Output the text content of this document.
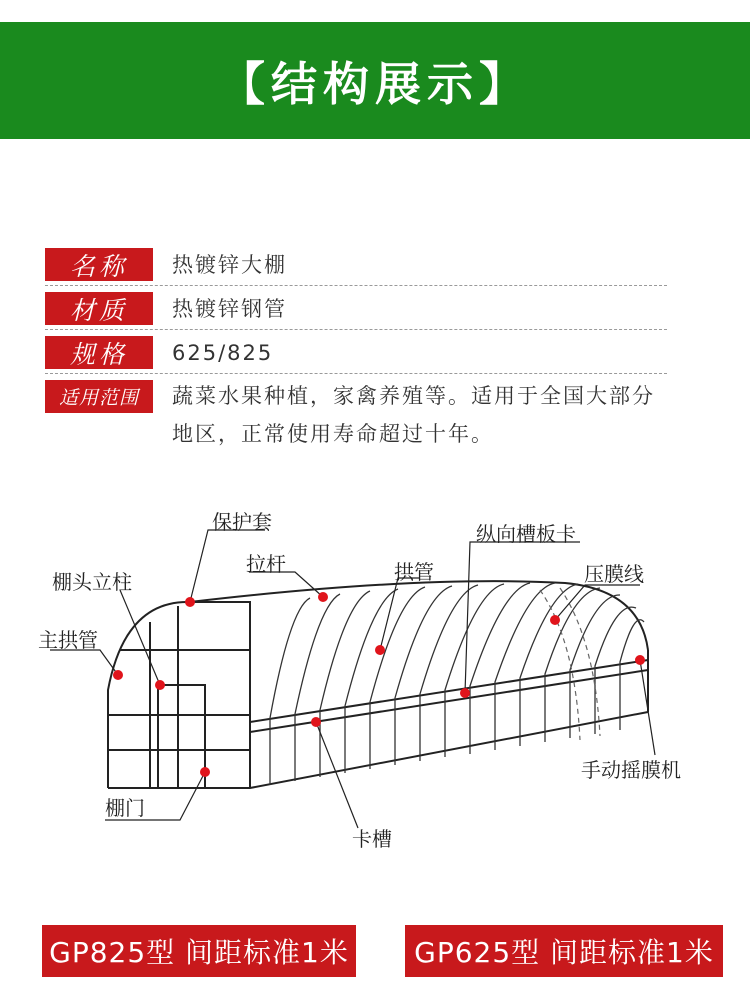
【结构展示】
名称	热镀锌大棚
材质	热镀锌钢管
规格	625/825
适用范围	蔬菜水果种植，家禽养殖等。适用于全国大部分地区，正常使用寿命超过十年。
保护套
拉杆	拱管
纵向槽板卡
压膜线
棚头立柱
主拱管
棚门
卡槽
手动摇膜机
GP825型 间距标准1米	GP625型 间距标准1米
